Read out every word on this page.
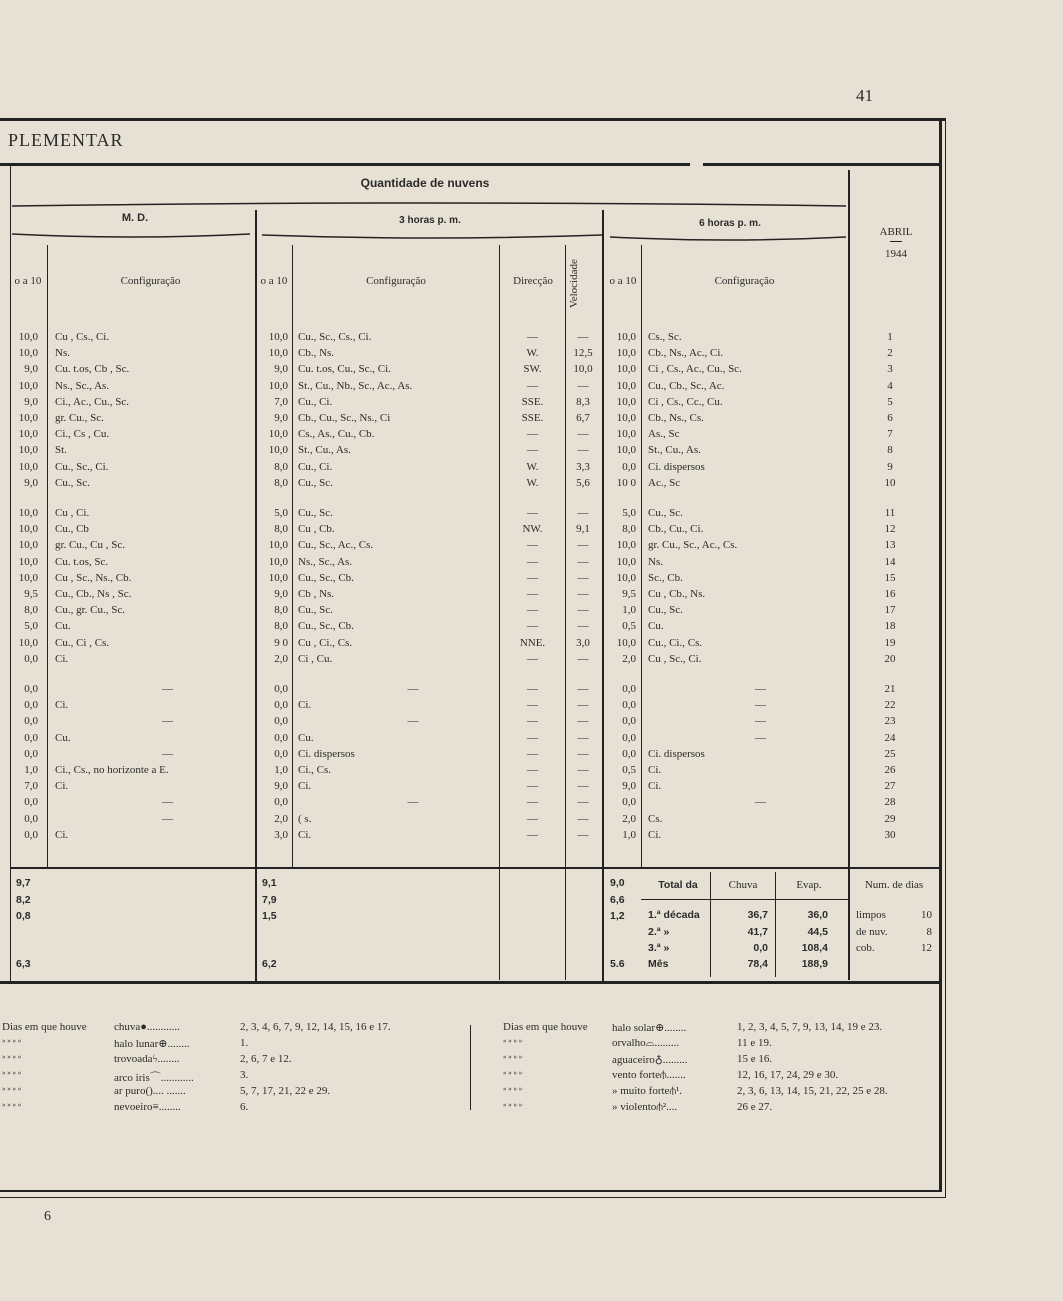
41
PLEMENTAR
Quantidade de nuvens
M. D.	3 horas p. m.	6 horas p. m.
ABRIL
1944
o a 10	Configuração	o a 10	Configuração	Direcção	Velocidade	o a 10	Configuração
10,0 Cu , Cs., Ci.	10,0 Cu., Sc., Cs., Ci.	—	—	10,0 Cs., Sc.	1
10,0 Ns.	10,0 Cb., Ns.	W.	12,5	10,0 Cb., Ns., Ac., Ci.	2
9,0 Cu. t.os, Cb , Sc.	9,0 Cu. t.os, Cu., Sc., Ci.	SW.	10,0	10,0 Ci , Cs., Ac., Cu., Sc.	3
10,0 Ns., Sc., As.	10,0 St., Cu., Nb., Sc., Ac., As.	—	—	10,0 Cu., Cb., Sc., Ac.	4
9,0 Ci., Ac., Cu., Sc.	7,0 Cu., Ci.	SSE.	8,3	10,0 Ci , Cs., Cc., Cu.	5
10,0 gr. Cu., Sc.	9,0 Cb., Cu., Sc., Ns., Ci	SSE.	6,7	10,0 Cb., Ns., Cs.	6
10,0 Ci., Cs , Cu.	10,0 Cs., As., Cu., Cb.	—	—	10,0 As., Sc	7
10,0 St.	10,0 St., Cu., As.	—	—	10,0 St., Cu., As.	8
10,0 Cu., Sc., Ci.	8,0 Cu., Ci.	W.	3,3	0,0 Ci. dispersos	9
9,0 Cu., Sc.	8,0 Cu., Sc.	W.	5,6	10 0 Ac., Sc	10
10,0 Cu , Ci.	5,0 Cu., Sc.	—	—	5,0 Cu., Sc.	11
10,0 Cu., Cb	8,0 Cu , Cb.	NW.	9,1	8,0 Cb., Cu., Ci.	12
10,0 gr. Cu., Cu , Sc.	10,0 Cu., Sc., Ac., Cs.	—	—	10,0 gr. Cu., Sc., Ac., Cs.	13
10,0 Cu. t.os, Sc.	10,0 Ns., Sc., As.	—	—	10,0 Ns.	14
10,0 Cu , Sc., Ns., Cb.	10,0 Cu., Sc., Cb.	—	—	10,0 Sc., Cb.	15
9,5 Cu., Cb., Ns , Sc.	9,0 Cb , Ns.	—	—	9,5 Cu , Cb., Ns.	16
8,0 Cu., gr. Cu., Sc.	8,0 Cu., Sc.	—	—	1,0 Cu., Sc.	17
5,0 Cu.	8,0 Cu., Sc., Cb.	—	—	0,5 Cu.	18
10,0 Cu., Ci , Cs.	9 0 Cu , Ci., Cs.	NNE.	3,0	10,0 Cu., Ci., Cs.	19
0,0 Ci.	2,0 Ci , Cu.	—	—	2,0 Cu , Sc., Ci.	20
0,0	—	0,0	—	—	—	0,0	—	21
0,0 Ci.	0,0 Ci.	—	—	0,0	—	22
0,0	—	0,0	—	—	—	0,0	—	23
0,0 Cu.	0,0 Cu.	—	—	0,0	—	24
0,0	—	0,0 Ci. dispersos	—	—	0,0 Ci. dispersos	25
1,0 Ci., Cs., no horizonte a E.	1,0 Ci., Cs.	—	—	0,5 Ci.	26
7,0 Ci.	9,0 Ci.	—	—	9,0 Ci.	27
0,0	—	0,0	—	—	—	0,0	—	28
0,0	—	2,0 ( s.	—	—	2,0 Cs.	29
0,0 Ci.	3,0 Ci.	—	—	1,0 Ci.	30
9,7
8,2
0,8
6,3
9,1
7,9
1,5
6,2
9,0
6,6
1,2
5.6
Total da	Chuva	Evap.
1.ª década	36,7	36,0
2.ª »	41,7	44,5
3.ª »	0,0	108,4
Mês	78,4	188,9
Num. de dias
limpos	10
de nuv.	8
cob.	12
Dias em que houve chuva●............	2, 3, 4, 6, 7, 9, 12, 14, 15, 16 e 17.
» » » »	halo lunar⊕........	1.
» » » »	trovoadaϟ........	2, 6, 7 e 12.
» » » »	arco iris⌒............	3.
» » » »	ar puro().... .......	5, 7, 17, 21, 22 e 29.
» » » »	nevoeiro≡........	6.
Dias em que houve halo solar⊕........	1, 2, 3, 4, 5, 7, 9, 13, 14, 19 e 23.
» » » »	orvalho⌓.........	11 e 19.
» » » »	aguaceiro♁.........	15 e 16.
» » » »	vento forte⫛.......	12, 16, 17, 24, 29 e 30.
» » » »	» muito forte⫛¹.	2, 3, 6, 13, 14, 15, 21, 22, 25 e 28.
» » » »	» violento⫛²....	26 e 27.
6
